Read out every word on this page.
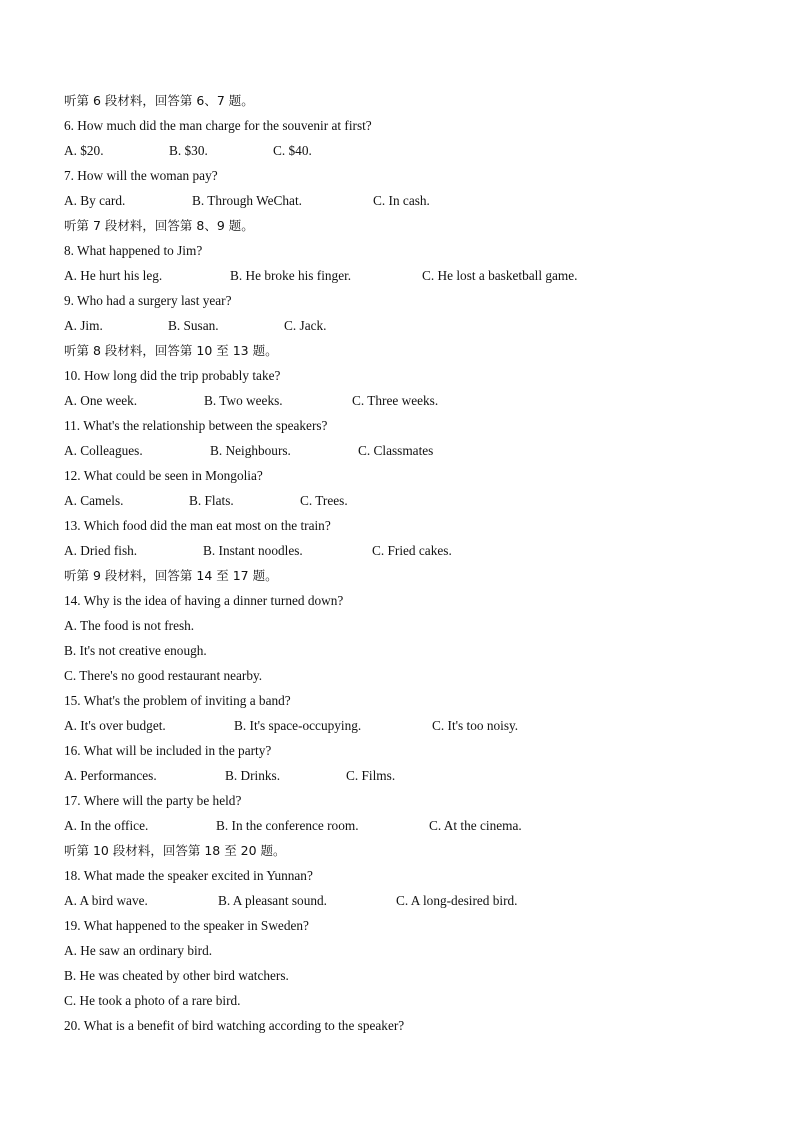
听第 6 段材料，回答第 6、7 题。
6. How much did the man charge for the souvenir at first?
A. $20.	B. $30.	C. $40.
7. How will the woman pay?
A. By card.	B. Through WeChat.	C. In cash.
听第 7 段材料，回答第 8、9 题。
8. What happened to Jim?
A. He hurt his leg.	B. He broke his finger.	C. He lost a basketball game.
9. Who had a surgery last year?
A. Jim.	B. Susan.	C. Jack.
听第 8 段材料，回答第 10 至 13 题。
10. How long did the trip probably take?
A. One week.	B. Two weeks.	C. Three weeks.
11. What's the relationship between the speakers?
A. Colleagues.	B. Neighbours.	C. Classmates
12. What could be seen in Mongolia?
A. Camels.	B. Flats.	C. Trees.
13. Which food did the man eat most on the train?
A. Dried fish.	B. Instant noodles.	C. Fried cakes.
听第 9 段材料，回答第 14 至 17 题。
14. Why is the idea of having a dinner turned down?
A. The food is not fresh.
B. It's not creative enough.
C. There's no good restaurant nearby.
15. What's the problem of inviting a band?
A. It's over budget.	B. It's space-occupying.	C. It's too noisy.
16. What will be included in the party?
A. Performances.	B. Drinks.	C. Films.
17. Where will the party be held?
A. In the office.	B. In the conference room.	C. At the cinema.
听第 10 段材料，回答第 18 至 20 题。
18. What made the speaker excited in Yunnan?
A. A bird wave.	B. A pleasant sound.	C. A long-desired bird.
19. What happened to the speaker in Sweden?
A. He saw an ordinary bird.
B. He was cheated by other bird watchers.
C. He took a photo of a rare bird.
20. What is a benefit of bird watching according to the speaker?
